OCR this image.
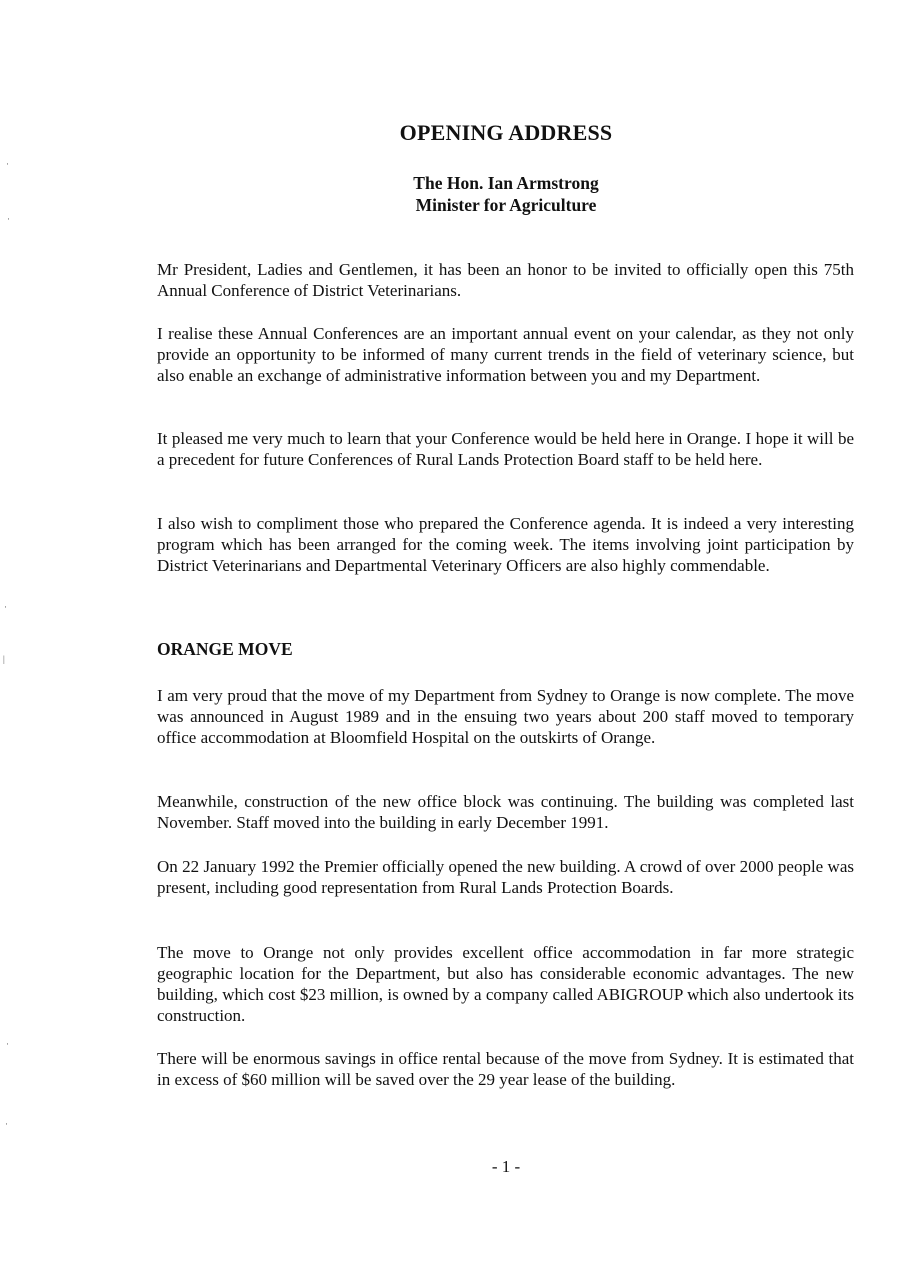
OPENING ADDRESS
The Hon. Ian Armstrong
Minister for Agriculture

Mr President, Ladies and Gentlemen, it has been an honor to be invited to officially open this 75th Annual Conference of District Veterinarians.

I realise these Annual Conferences are an important annual event on your calendar, as they not only provide an opportunity to be informed of many current trends in the field of veterinary science, but also enable an exchange of administrative information between you and my Department.

It pleased me very much to learn that your Conference would be held here in Orange. I hope it will be a precedent for future Conferences of Rural Lands Protection Board staff to be held here.

I also wish to compliment those who prepared the Conference agenda. It is indeed a very interesting program which has been arranged for the coming week. The items involving joint participation by District Veterinarians and Departmental Veterinary Officers are also highly commendable.

ORANGE MOVE

I am very proud that the move of my Department from Sydney to Orange is now complete. The move was announced in August 1989 and in the ensuing two years about 200 staff moved to temporary office accommodation at Bloomfield Hospital on the outskirts of Orange.

Meanwhile, construction of the new office block was continuing. The building was completed last November. Staff moved into the building in early December 1991.

On 22 January 1992 the Premier officially opened the new building. A crowd of over 2000 people was present, including good representation from Rural Lands Protection Boards.

The move to Orange not only provides excellent office accommodation in far more strategic geographic location for the Department, but also has considerable economic advantages. The new building, which cost $23 million, is owned by a company called ABIGROUP which also undertook its construction.

There will be enormous savings in office rental because of the move from Sydney. It is estimated that in excess of $60 million will be saved over the 29 year lease of the building.

- 1 -
·
·
·
|
·
·
